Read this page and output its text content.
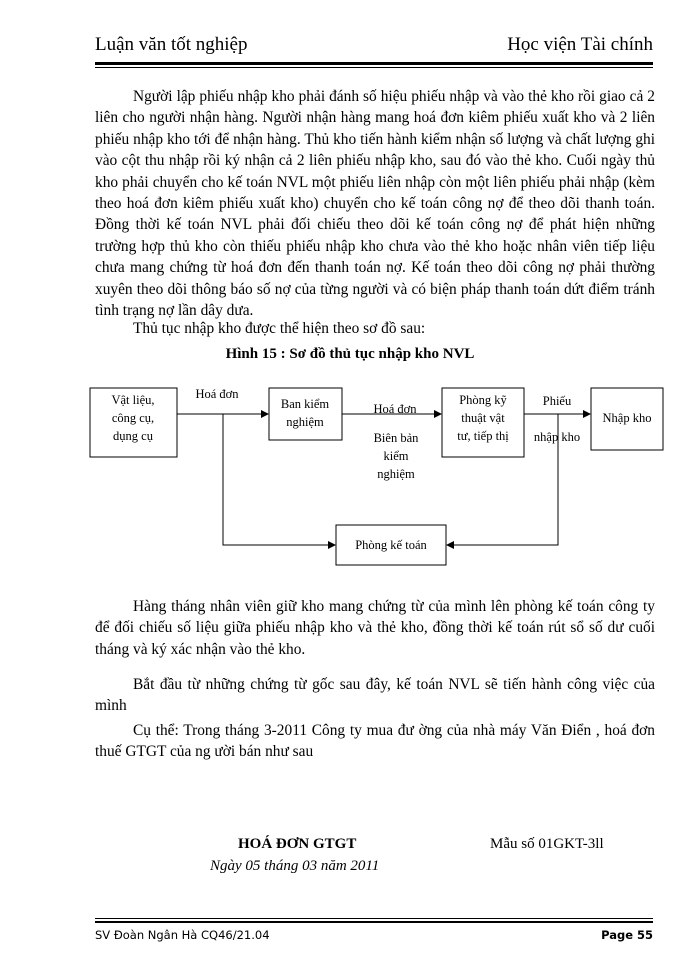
Luận văn tốt nghiệp	Học viện Tài chính

Người lập phiếu nhập kho phải đánh số hiệu phiếu nhập và vào thẻ kho rồi giao cả 2 liên cho người nhận hàng. Người nhận hàng mang hoá đơn kiêm phiếu xuất kho và 2 liên phiếu nhập kho tới để nhận hàng. Thủ kho tiến hành kiểm nhận số lượng và chất lượng ghi vào cột thu nhập rồi ký nhận cả 2 liên phiếu nhập kho, sau đó vào thẻ kho. Cuối ngày thủ kho phải chuyển cho kế toán NVL một phiếu liên nhập còn một liên phiếu phải nhập (kèm theo hoá đơn kiêm phiếu xuất kho) chuyển cho kế toán công nợ để theo dõi thanh toán. Đồng thời kế toán NVL phải đối chiếu theo dõi kế toán công nợ để phát hiện những trường hợp thủ kho còn thiếu phiếu nhập kho chưa vào thẻ kho hoặc nhân viên tiếp liệu chưa mang chứng từ hoá đơn đến thanh toán nợ. Kế toán theo dõi công nợ phải thường xuyên theo dõi thông báo số nợ của từng người và có biện pháp thanh toán dứt điểm tránh tình trạng nợ lần dây dưa.

Thủ tục nhập kho được thể hiện theo sơ đồ sau:

Hình 15 : Sơ đồ thủ tục nhập kho NVL
Vật liệu,
công cụ,
dụng cụ
Ban kiểm
nghiệm
Phòng kỹ
thuật vật
tư, tiếp thị
Nhập kho
Phòng kế toán
Hoá đơn
Hoá đơn
Biên bản
kiểm
nghiệm
Phiếu
nhập kho

Hàng tháng nhân viên giữ kho mang chứng từ của mình lên phòng kế toán công ty để đối chiếu số liệu giữa phiếu nhập kho và thẻ kho, đồng thời kế toán rút sổ số dư cuối tháng và ký xác nhận vào thẻ kho.

Bắt đầu từ những chứng từ gốc sau đây, kế toán NVL sẽ tiến hành công việc của mình

Cụ thể: Trong tháng 3-2011 Công ty mua đư ờng của nhà máy Văn Điển , hoá đơn thuế GTGT của ng ười bán như sau

HOÁ ĐƠN GTGT	Mẫu số 01GKT-3ll
Ngày 05 tháng 03 năm 2011
SV Đoàn Ngân Hà CQ46/21.04	Page 55
